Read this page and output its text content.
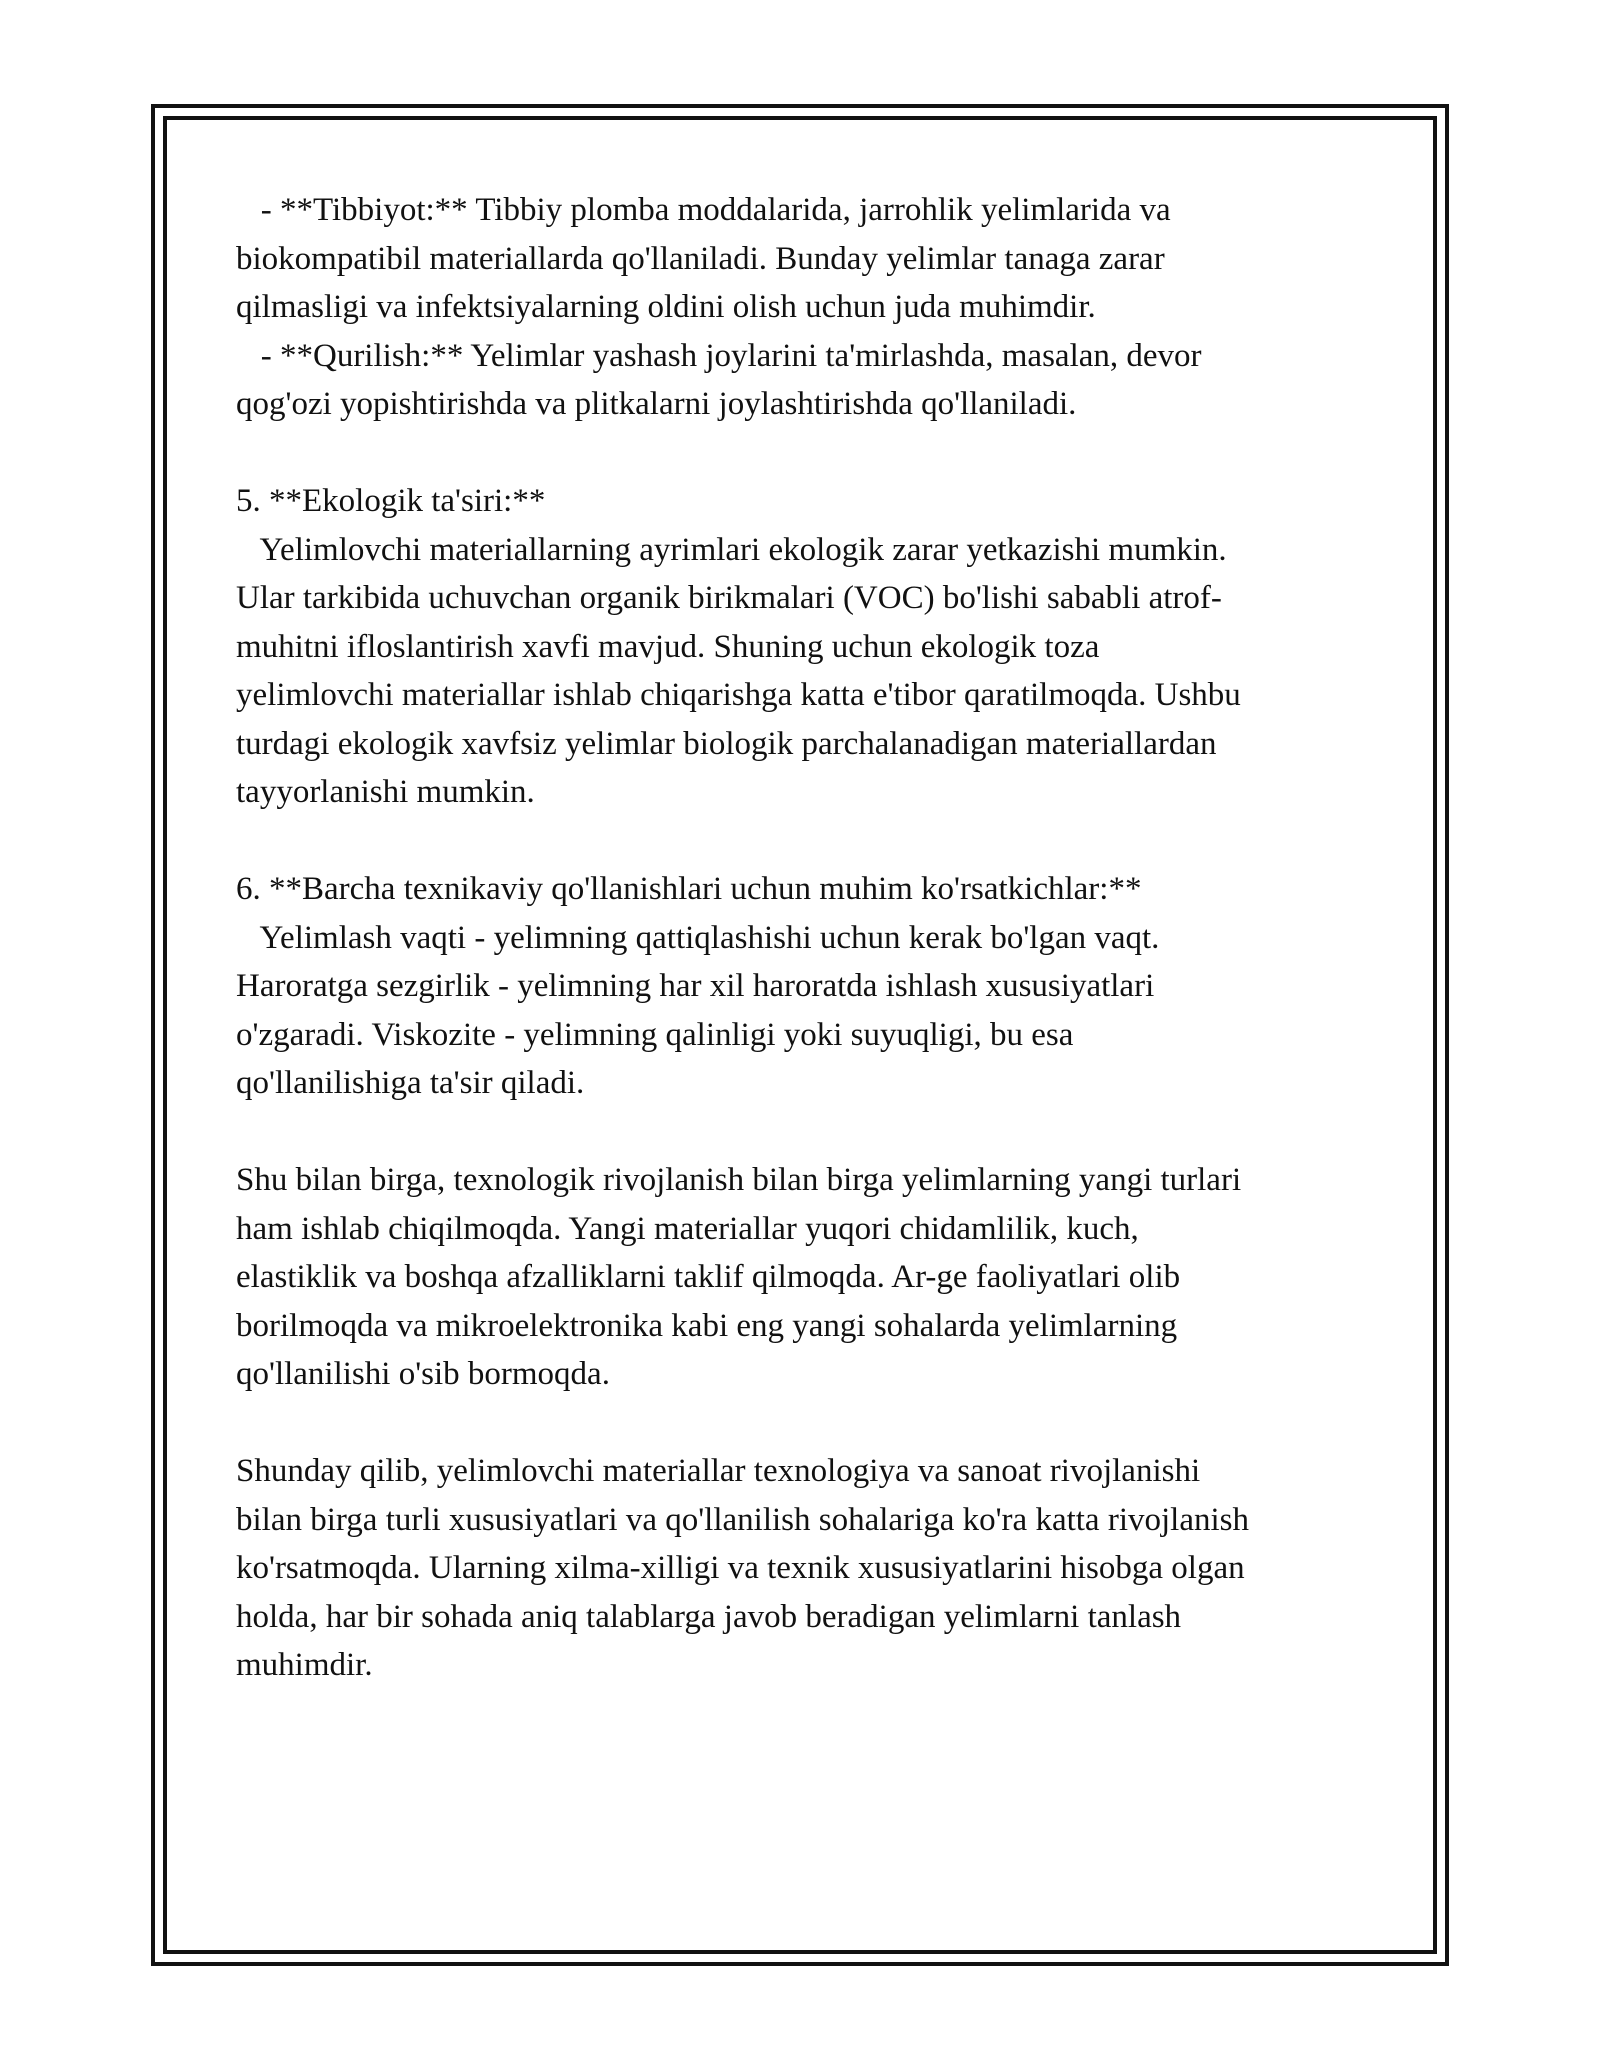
- **Tibbiyot:** Tibbiy plomba moddalarida, jarrohlik yelimlarida va
biokompatibil materiallarda qo'llaniladi. Bunday yelimlar tanaga zarar
qilmasligi va infektsiyalarning oldini olish uchun juda muhimdir.
- **Qurilish:** Yelimlar yashash joylarini ta'mirlashda, masalan, devor
qog'ozi yopishtirishda va plitkalarni joylashtirishda qo'llaniladi.
5. **Ekologik ta'siri:**
Yelimlovchi materiallarning ayrimlari ekologik zarar yetkazishi mumkin.
Ular tarkibida uchuvchan organik birikmalari (VOC) bo'lishi sababli atrof-
muhitni ifloslantirish xavfi mavjud. Shuning uchun ekologik toza
yelimlovchi materiallar ishlab chiqarishga katta e'tibor qaratilmoqda. Ushbu
turdagi ekologik xavfsiz yelimlar biologik parchalanadigan materiallardan
tayyorlanishi mumkin.
6. **Barcha texnikaviy qo'llanishlari uchun muhim ko'rsatkichlar:**
Yelimlash vaqti - yelimning qattiqlashishi uchun kerak bo'lgan vaqt.
Haroratga sezgirlik - yelimning har xil haroratda ishlash xususiyatlari
o'zgaradi. Viskozite - yelimning qalinligi yoki suyuqligi, bu esa
qo'llanilishiga ta'sir qiladi.
Shu bilan birga, texnologik rivojlanish bilan birga yelimlarning yangi turlari
ham ishlab chiqilmoqda. Yangi materiallar yuqori chidamlilik, kuch,
elastiklik va boshqa afzalliklarni taklif qilmoqda. Ar-ge faoliyatlari olib
borilmoqda va mikroelektronika kabi eng yangi sohalarda yelimlarning
qo'llanilishi o'sib bormoqda.
Shunday qilib, yelimlovchi materiallar texnologiya va sanoat rivojlanishi
bilan birga turli xususiyatlari va qo'llanilish sohalariga ko'ra katta rivojlanish
ko'rsatmoqda. Ularning xilma-xilligi va texnik xususiyatlarini hisobga olgan
holda, har bir sohada aniq talablarga javob beradigan yelimlarni tanlash
muhimdir.
